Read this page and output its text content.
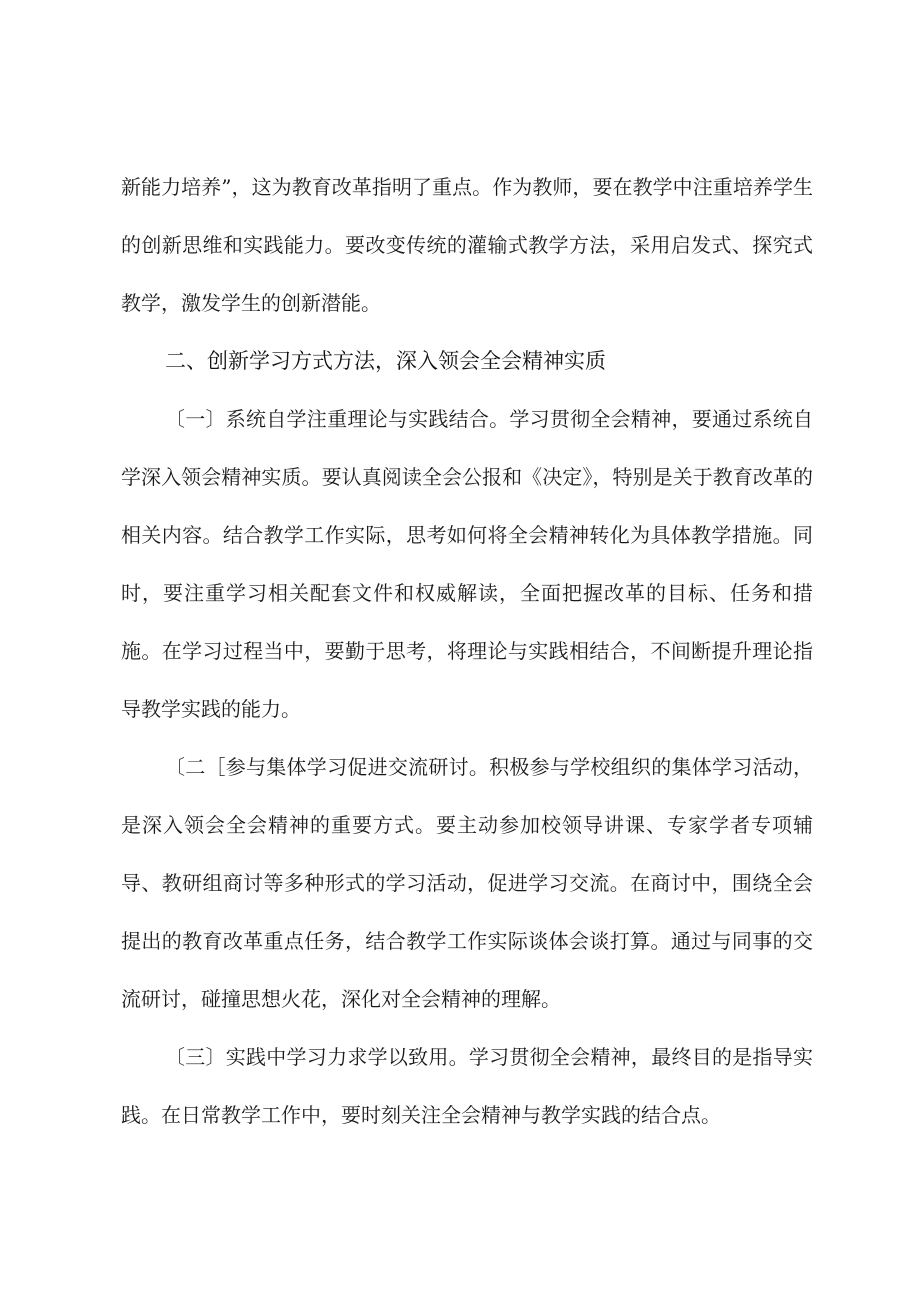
新能力培养”，这为教育改革指明了重点。作为教师，要在教学中注重培养学生的创新思维和实践能力。要改变传统的灌输式教学方法，采用启发式、探究式教学，激发学生的创新潜能。

二、创新学习方式方法，深入领会全会精神实质

〔一〕系统自学注重理论与实践结合。学习贯彻全会精神，要通过系统自学深入领会精神实质。要认真阅读全会公报和《决定》，特别是关于教育改革的相关内容。结合教学工作实际，思考如何将全会精神转化为具体教学措施。同时，要注重学习相关配套文件和权威解读，全面把握改革的目标、任务和措施。在学习过程当中，要勤于思考，将理论与实践相结合，不间断提升理论指导教学实践的能力。

〔二［参与集体学习促进交流研讨。积极参与学校组织的集体学习活动，是深入领会全会精神的重要方式。要主动参加校领导讲课、专家学者专项辅导、教研组商讨等多种形式的学习活动，促进学习交流。在商讨中，围绕全会提出的教育改革重点任务，结合教学工作实际谈体会谈打算。通过与同事的交流研讨，碰撞思想火花，深化对全会精神的理解。

〔三〕实践中学习力求学以致用。学习贯彻全会精神，最终目的是指导实践。在日常教学工作中，要时刻关注全会精神与教学实践的结合点。
